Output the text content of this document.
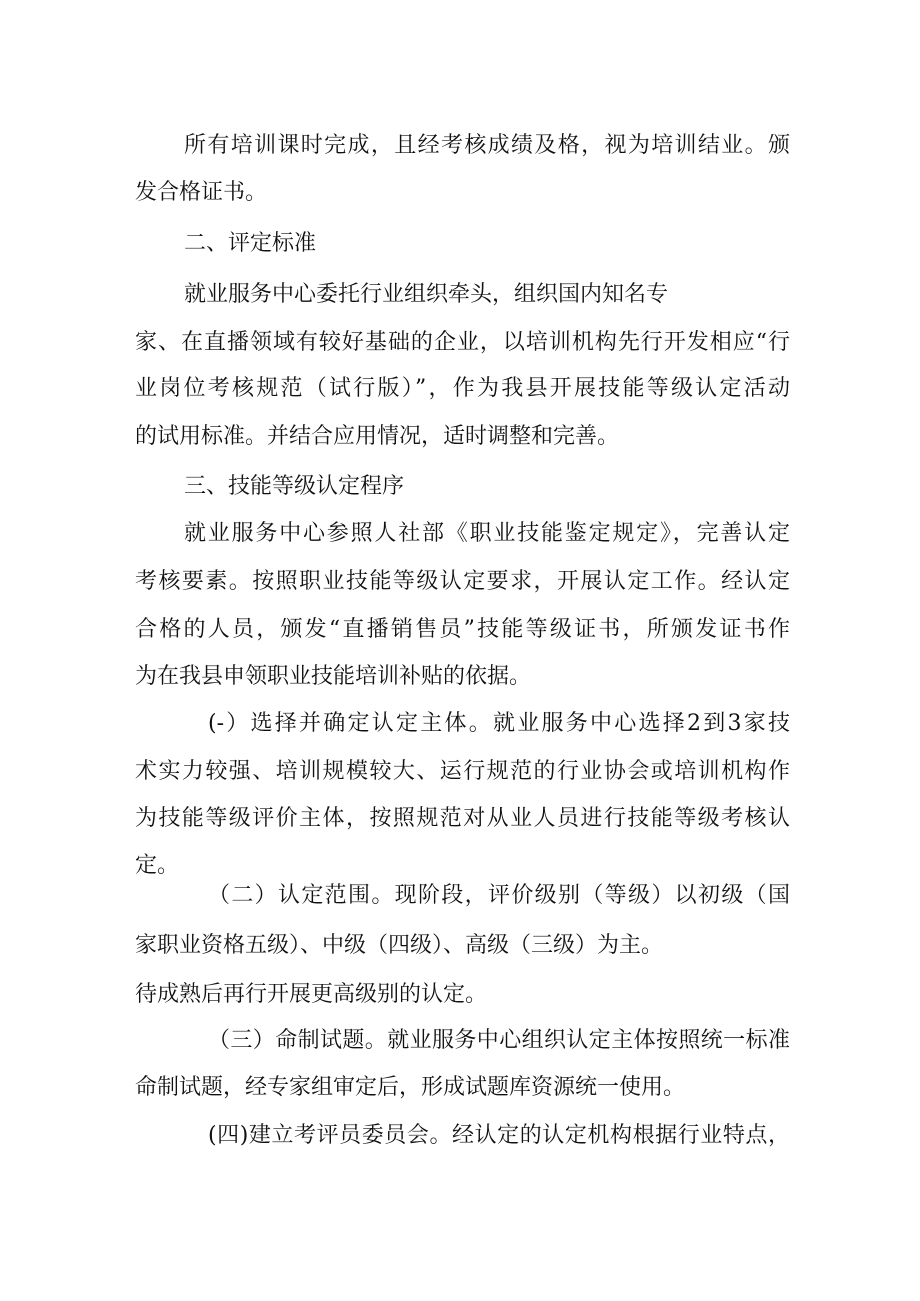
所有培训课时完成，且经考核成绩及格，视为培训结业。颁
发合格证书。
二、评定标准
就业服务中心委托行业组织牵头，组织国内知名专
家、在直播领域有较好基础的企业，以培训机构先行开发相应“行
业岗位考核规范（试行版）”，作为我县开展技能等级认定活动
的试用标准。并结合应用情况，适时调整和完善。
三、技能等级认定程序
就业服务中心参照人社部《职业技能鉴定规定》，完善认定
考核要素。按照职业技能等级认定要求，开展认定工作。经认定
合格的人员，颁发“直播销售员”技能等级证书，所颁发证书作
为在我县申领职业技能培训补贴的依据。
(-）选择并确定认定主体。就业服务中心选择2到3家技
术实力较强、培训规模较大、运行规范的行业协会或培训机构作
为技能等级评价主体，按照规范对从业人员进行技能等级考核认
定。
（二）认定范围。现阶段，评价级别（等级）以初级（国
家职业资格五级）、中级（四级）、高级（三级）为主。
待成熟后再行开展更高级别的认定。
（三）命制试题。就业服务中心组织认定主体按照统一标准
命制试题，经专家组审定后，形成试题库资源统一使用。
(四)建立考评员委员会。经认定的认定机构根据行业特点，
